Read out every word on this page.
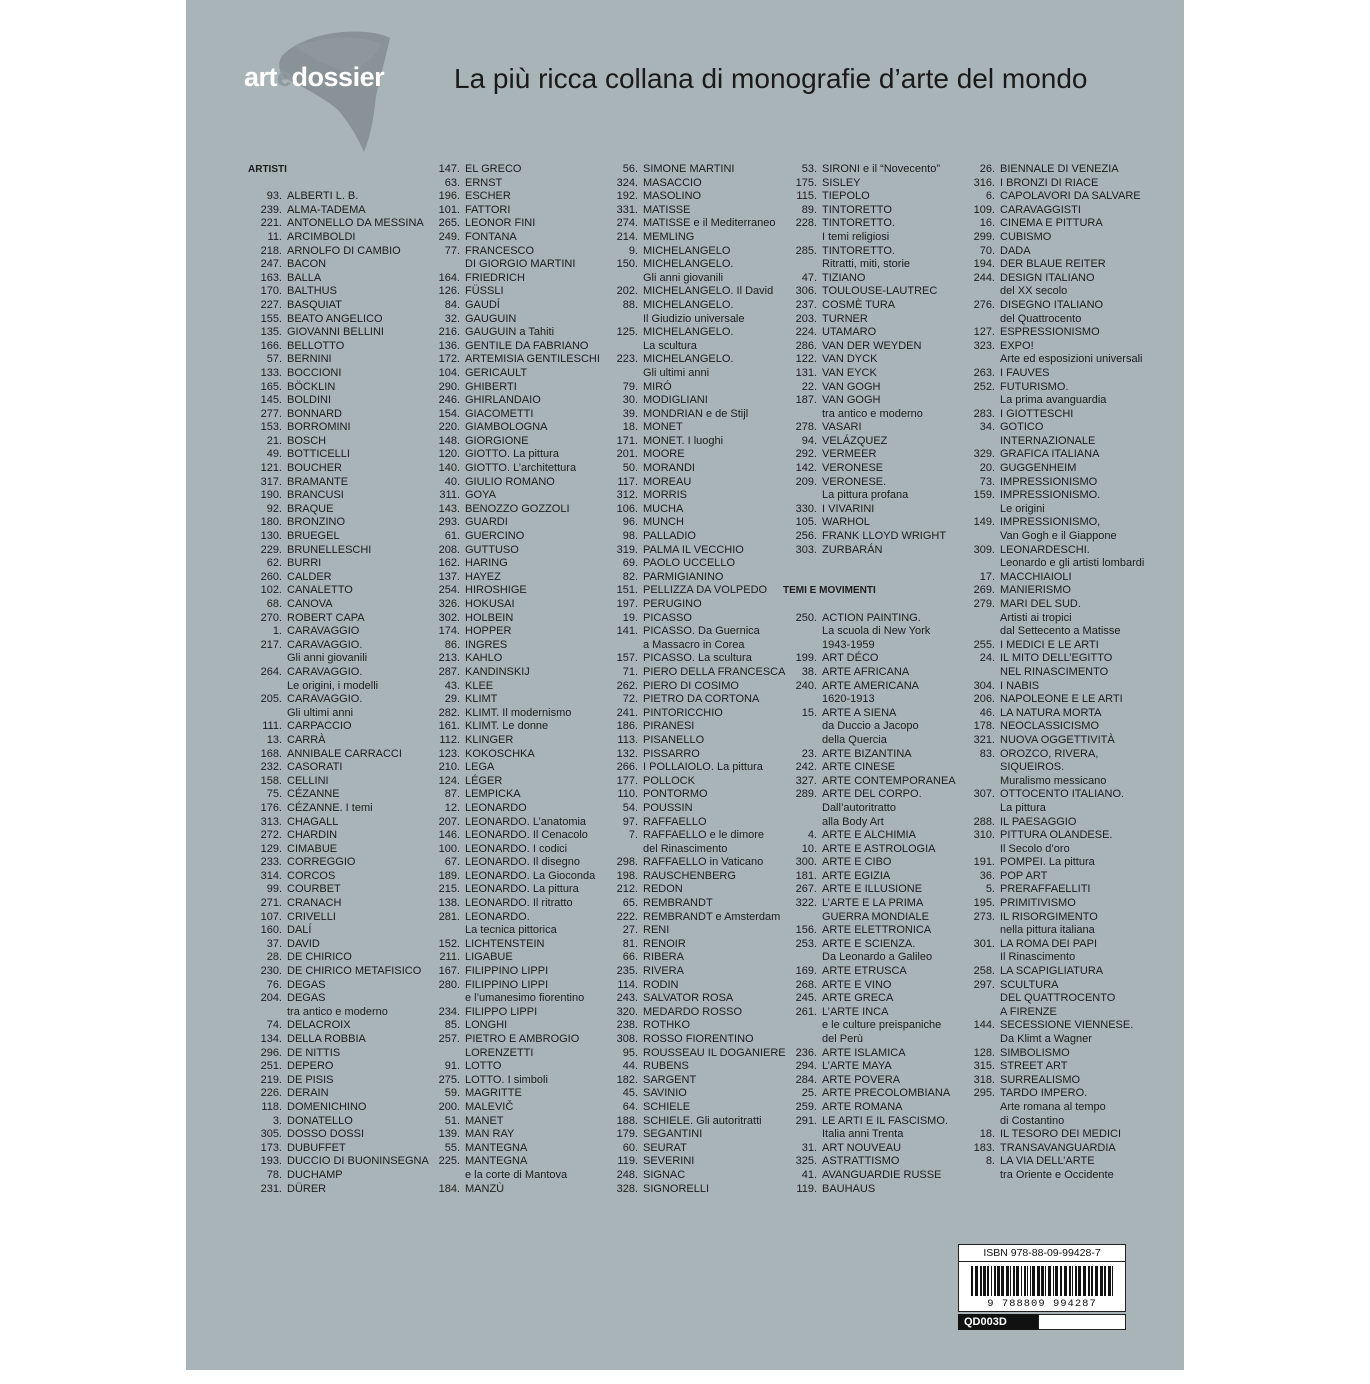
artedossier La più ricca collana di monografie d’arte del mondo
ARTISTI
93. ALBERTI L. B.
239. ALMA-TADEMA
221. ANTONELLO DA MESSINA
11. ARCIMBOLDI
218. ARNOLFO DI CAMBIO
247. BACON
163. BALLA
170. BALTHUS
227. BASQUIAT
155. BEATO ANGELICO
135. GIOVANNI BELLINI
166. BELLOTTO
57. BERNINI
133. BOCCIONI
165. BÖCKLIN
145. BOLDINI
277. BONNARD
153. BORROMINI
21. BOSCH
49. BOTTICELLI
121. BOUCHER
317. BRAMANTE
190. BRANCUSI
92. BRAQUE
180. BRONZINO
130. BRUEGEL
229. BRUNELLESCHI
62. BURRI
260. CALDER
102. CANALETTO
68. CANOVA
270. ROBERT CAPA
1. CARAVAGGIO
217. CARAVAGGIO.
Gli anni giovanili
264. CARAVAGGIO.
Le origini, i modelli
205. CARAVAGGIO.
Gli ultimi anni
111. CARPACCIO
13. CARRÀ
168. ANNIBALE CARRACCI
232. CASORATI
158. CELLINI
75. CÉZANNE
176. CÉZANNE. I temi
313. CHAGALL
272. CHARDIN
129. CIMABUE
233. CORREGGIO
314. CORCOS
99. COURBET
271. CRANACH
107. CRIVELLI
160. DALÍ
37. DAVID
28. DE CHIRICO
230. DE CHIRICO METAFISICO
76. DEGAS
204. DEGAS
tra antico e moderno
74. DELACROIX
134. DELLA ROBBIA
296. DE NITTIS
251. DEPERO
219. DE PISIS
226. DERAIN
118. DOMENICHINO
3. DONATELLO
305. DOSSO DOSSI
173. DUBUFFET
193. DUCCIO DI BUONINSEGNA
78. DUCHAMP
231. DÜRER
147. EL GRECO
63. ERNST
196. ESCHER
101. FATTORI
265. LEONOR FINI
249. FONTANA
77. FRANCESCO
DI GIORGIO MARTINI
164. FRIEDRICH
126. FÜSSLI
84. GAUDÍ
32. GAUGUIN
216. GAUGUIN a Tahiti
136. GENTILE DA FABRIANO
172. ARTEMISIA GENTILESCHI
104. GERICAULT
290. GHIBERTI
246. GHIRLANDAIO
154. GIACOMETTI
220. GIAMBOLOGNA
148. GIORGIONE
120. GIOTTO. La pittura
140. GIOTTO. L’architettura
40. GIULIO ROMANO
311. GOYA
143. BENOZZO GOZZOLI
293. GUARDI
61. GUERCINO
208. GUTTUSO
162. HARING
137. HAYEZ
254. HIROSHIGE
326. HOKUSAI
302. HOLBEIN
174. HOPPER
86. INGRES
213. KAHLO
287. KANDINSKIJ
43. KLEE
29. KLIMT
282. KLIMT. Il modernismo
161. KLIMT. Le donne
112. KLINGER
123. KOKOSCHKA
210. LEGA
124. LÉGER
87. LEMPICKA
12. LEONARDO
207. LEONARDO. L’anatomia
146. LEONARDO. Il Cenacolo
100. LEONARDO. I codici
67. LEONARDO. Il disegno
189. LEONARDO. La Gioconda
215. LEONARDO. La pittura
138. LEONARDO. Il ritratto
281. LEONARDO.
La tecnica pittorica
152. LICHTENSTEIN
211. LIGABUE
167. FILIPPINO LIPPI
280. FILIPPINO LIPPI
e l’umanesimo fiorentino
234. FILIPPO LIPPI
85. LONGHI
257. PIETRO E AMBROGIO
LORENZETTI
91. LOTTO
275. LOTTO. I simboli
59. MAGRITTE
200. MALEVIČ
51. MANET
139. MAN RAY
55. MANTEGNA
225. MANTEGNA
e la corte di Mantova
184. MANZÙ
56. SIMONE MARTINI
324. MASACCIO
192. MASOLINO
331. MATISSE
274. MATISSE e il Mediterraneo
214. MEMLING
9. MICHELANGELO
150. MICHELANGELO.
Gli anni giovanili
202. MICHELANGELO. Il David
88. MICHELANGELO.
Il Giudizio universale
125. MICHELANGELO.
La scultura
223. MICHELANGELO.
Gli ultimi anni
79. MIRÓ
30. MODIGLIANI
39. MONDRIAN e de Stijl
18. MONET
171. MONET. I luoghi
201. MOORE
50. MORANDI
117. MOREAU
312. MORRIS
106. MUCHA
96. MUNCH
98. PALLADIO
319. PALMA IL VECCHIO
69. PAOLO UCCELLO
82. PARMIGIANINO
151. PELLIZZA DA VOLPEDO
197. PERUGINO
19. PICASSO
141. PICASSO. Da Guernica
a Massacro in Corea
157. PICASSO. La scultura
71. PIERO DELLA FRANCESCA
262. PIERO DI COSIMO
72. PIETRO DA CORTONA
241. PINTORICCHIO
186. PIRANESI
113. PISANELLO
132. PISSARRO
266. I POLLAIOLO. La pittura
177. POLLOCK
110. PONTORMO
54. POUSSIN
97. RAFFAELLO
7. RAFFAELLO e le dimore
del Rinascimento
298. RAFFAELLO in Vaticano
198. RAUSCHENBERG
212. REDON
65. REMBRANDT
222. REMBRANDT e Amsterdam
27. RENI
81. RENOIR
66. RIBERA
235. RIVERA
114. RODIN
243. SALVATOR ROSA
320. MEDARDO ROSSO
238. ROTHKO
308. ROSSO FIORENTINO
95. ROUSSEAU IL DOGANIERE
44. RUBENS
182. SARGENT
45. SAVINIO
64. SCHIELE
188. SCHIELE. Gli autoritratti
179. SEGANTINI
60. SEURAT
119. SEVERINI
248. SIGNAC
328. SIGNORELLI
53. SIRONI e il “Novecento”
175. SISLEY
115. TIEPOLO
89. TINTORETTO
228. TINTORETTO.
I temi religiosi
285. TINTORETTO.
Ritratti, miti, storie
47. TIZIANO
306. TOULOUSE-LAUTREC
237. COSMÈ TURA
203. TURNER
224. UTAMARO
286. VAN DER WEYDEN
122. VAN DYCK
131. VAN EYCK
22. VAN GOGH
187. VAN GOGH
tra antico e moderno
278. VASARI
94. VELÁZQUEZ
292. VERMEER
142. VERONESE
209. VERONESE.
La pittura profana
330. I VIVARINI
105. WARHOL
256. FRANK LLOYD WRIGHT
303. ZURBARÁN
TEMI E MOVIMENTI
250. ACTION PAINTING.
La scuola di New York
1943-1959
199. ART DÉCO
38. ARTE AFRICANA
240. ARTE AMERICANA
1620-1913
15. ARTE A SIENA
da Duccio a Jacopo
della Quercia
23. ARTE BIZANTINA
242. ARTE CINESE
327. ARTE CONTEMPORANEA
289. ARTE DEL CORPO.
Dall’autoritratto
alla Body Art
4. ARTE E ALCHIMIA
10. ARTE E ASTROLOGIA
300. ARTE E CIBO
181. ARTE EGIZIA
267. ARTE E ILLUSIONE
322. L’ARTE E LA PRIMA
GUERRA MONDIALE
156. ARTE ELETTRONICA
253. ARTE E SCIENZA.
Da Leonardo a Galileo
169. ARTE ETRUSCA
268. ARTE E VINO
245. ARTE GRECA
261. L’ARTE INCA
e le culture preispaniche
del Perù
236. ARTE ISLAMICA
294. L’ARTE MAYA
284. ARTE POVERA
25. ARTE PRECOLOMBIANA
259. ARTE ROMANA
291. LE ARTI E IL FASCISMO.
Italia anni Trenta
31. ART NOUVEAU
325. ASTRATTISMO
41. AVANGUARDIE RUSSE
119. BAUHAUS
26. BIENNALE DI VENEZIA
316. I BRONZI DI RIACE
6. CAPOLAVORI DA SALVARE
109. CARAVAGGISTI
16. CINEMA E PITTURA
299. CUBISMO
70. DADA
194. DER BLAUE REITER
244. DESIGN ITALIANO
del XX secolo
276. DISEGNO ITALIANO
del Quattrocento
127. ESPRESSIONISMO
323. EXPO!
Arte ed esposizioni universali
263. I FAUVES
252. FUTURISMO.
La prima avanguardia
283. I GIOTTESCHI
34. GOTICO
INTERNAZIONALE
329. GRAFICA ITALIANA
20. GUGGENHEIM
73. IMPRESSIONISMO
159. IMPRESSIONISMO.
Le origini
149. IMPRESSIONISMO,
Van Gogh e il Giappone
309. LEONARDESCHI.
Leonardo e gli artisti lombardi
17. MACCHIAIOLI
269. MANIERISMO
279. MARI DEL SUD.
Artisti ai tropici
dal Settecento a Matisse
255. I MEDICI E LE ARTI
24. IL MITO DELL’EGITTO
NEL RINASCIMENTO
304. I NABIS
206. NAPOLEONE E LE ARTI
46. LA NATURA MORTA
178. NEOCLASSICISMO
321. NUOVA OGGETTIVITÀ
83. OROZCO, RIVERA,
SIQUEIROS.
Muralismo messicano
307. OTTOCENTO ITALIANO.
La pittura
288. IL PAESAGGIO
310. PITTURA OLANDESE.
Il Secolo d’oro
191. POMPEI. La pittura
36. POP ART
5. PRERAFFAELLITI
195. PRIMITIVISMO
273. IL RISORGIMENTO
nella pittura italiana
301. LA ROMA DEI PAPI
Il Rinascimento
258. LA SCAPIGLIATURA
297. SCULTURA
DEL QUATTROCENTO
A FIRENZE
144. SECESSIONE VIENNESE.
Da Klimt a Wagner
128. SIMBOLISMO
315. STREET ART
318. SURREALISMO
295. TARDO IMPERO.
Arte romana al tempo
di Costantino
18. IL TESORO DEI MEDICI
183. TRANSAVANGUARDIA
8. LA VIA DELL’ARTE
tra Oriente e Occidente
ISBN 978-88-09-99428-7
9 788809 994287
QD003D
